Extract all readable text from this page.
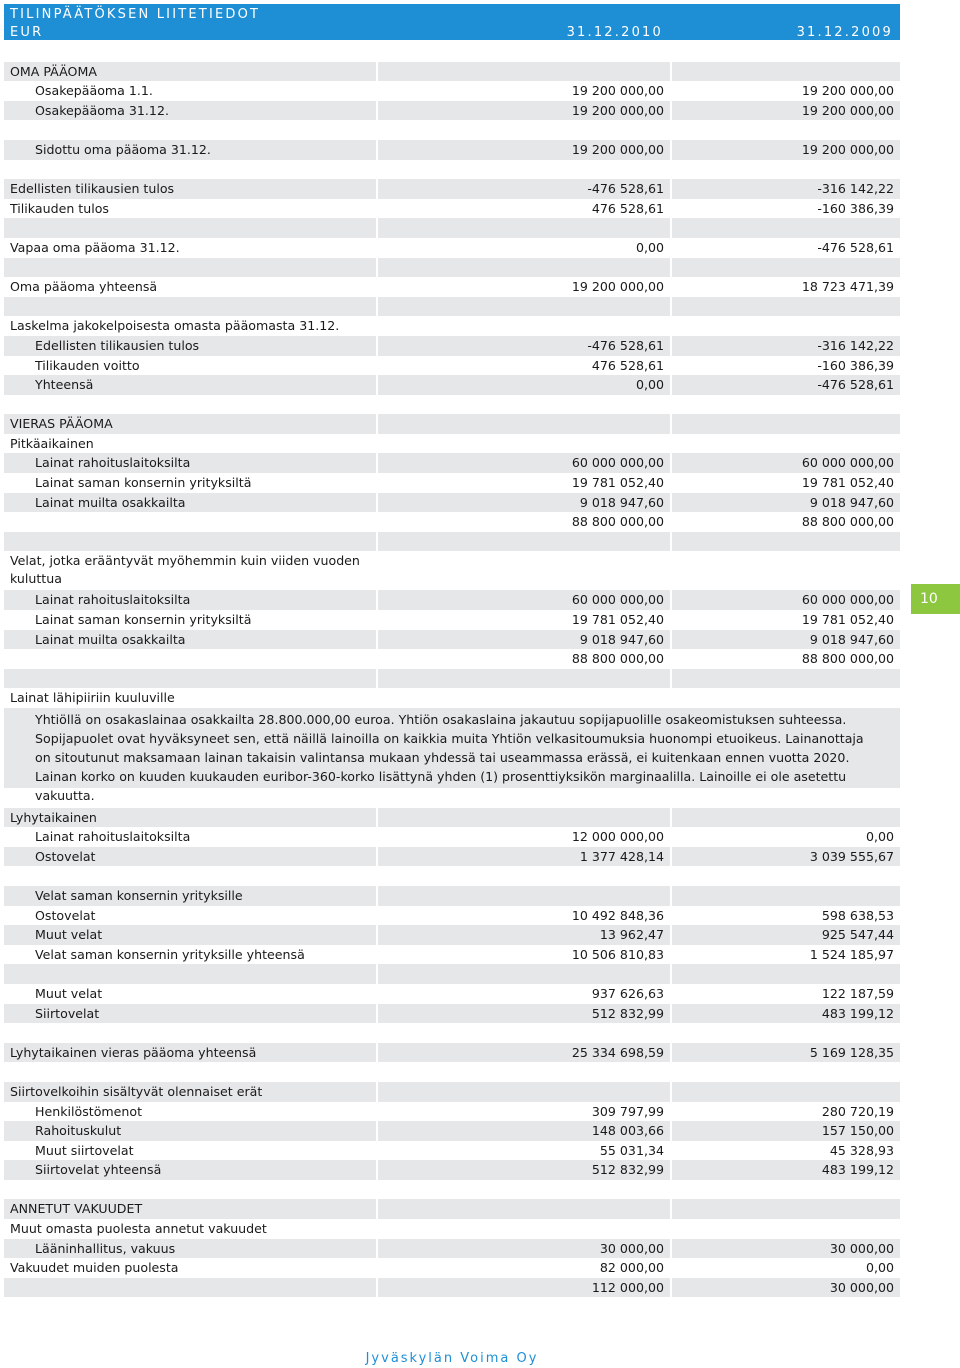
TILINPÄÄTÖKSEN LIITETIEDOT
EUR	31.12.2010	31.12.2009
OMA PÄÄOMA
Osakepääoma 1.1.	19 200 000,00	19 200 000,00
Osakepääoma 31.12.	19 200 000,00	19 200 000,00
Sidottu oma pääoma 31.12.	19 200 000,00	19 200 000,00
Edellisten tilikausien tulos	-476 528,61	-316 142,22
Tilikauden tulos	476 528,61	-160 386,39
Vapaa oma pääoma 31.12.	0,00	-476 528,61
Oma pääoma yhteensä	19 200 000,00	18 723 471,39
Laskelma jakokelpoisesta omasta pääomasta 31.12.
Edellisten tilikausien tulos	-476 528,61	-316 142,22
Tilikauden voitto	476 528,61	-160 386,39
Yhteensä	0,00	-476 528,61
VIERAS PÄÄOMA
Pitkäaikainen
Lainat rahoituslaitoksilta	60 000 000,00	60 000 000,00
Lainat saman konsernin yrityksiltä	19 781 052,40	19 781 052,40
Lainat muilta osakkailta	9 018 947,60	9 018 947,60
88 800 000,00	88 800 000,00
Velat, jotka erääntyvät myöhemmin kuin viiden vuoden kuluttua
Lainat rahoituslaitoksilta	60 000 000,00	60 000 000,00
Lainat saman konsernin yrityksiltä	19 781 052,40	19 781 052,40
Lainat muilta osakkailta	9 018 947,60	9 018 947,60
88 800 000,00	88 800 000,00
Lainat lähipiiriin kuuluville
Yhtiöllä on osakaslainaa osakkailta 28.800.000,00 euroa. Yhtiön osakaslaina jakautuu sopijapuolille osakeomistuksen suhteessa. Sopijapuolet ovat hyväksyneet sen, että näillä lainoilla on kaikkia muita Yhtiön velkasitoumuksia huonompi etuoikeus. Lainanottaja on sitoutunut maksamaan lainan takaisin valintansa mukaan yhdessä tai useammassa erässä, ei kuitenkaan ennen vuotta 2020. Lainan korko on kuuden kuukauden euribor-360-korko lisättynä yhden (1) prosenttiyksikön marginaalilla. Lainoille ei ole asetettu vakuutta.
Lyhytaikainen
Lainat rahoituslaitoksilta	12 000 000,00	0,00
Ostovelat	1 377 428,14	3 039 555,67
Velat saman konsernin yrityksille
Ostovelat	10 492 848,36	598 638,53
Muut velat	13 962,47	925 547,44
Velat saman konsernin yrityksille yhteensä	10 506 810,83	1 524 185,97
Muut velat	937 626,63	122 187,59
Siirtovelat	512 832,99	483 199,12
Lyhytaikainen vieras pääoma yhteensä	25 334 698,59	5 169 128,35
Siirtovelkoihin sisältyvät olennaiset erät
Henkilöstömenot	309 797,99	280 720,19
Rahoituskulut	148 003,66	157 150,00
Muut siirtovelat	55 031,34	45 328,93
Siirtovelat yhteensä	512 832,99	483 199,12
ANNETUT VAKUUDET
Muut omasta puolesta annetut vakuudet
Lääninhallitus, vakuus	30 000,00	30 000,00
Vakuudet muiden puolesta	82 000,00	0,00
112 000,00	30 000,00
10
Jyväskylän Voima Oy
